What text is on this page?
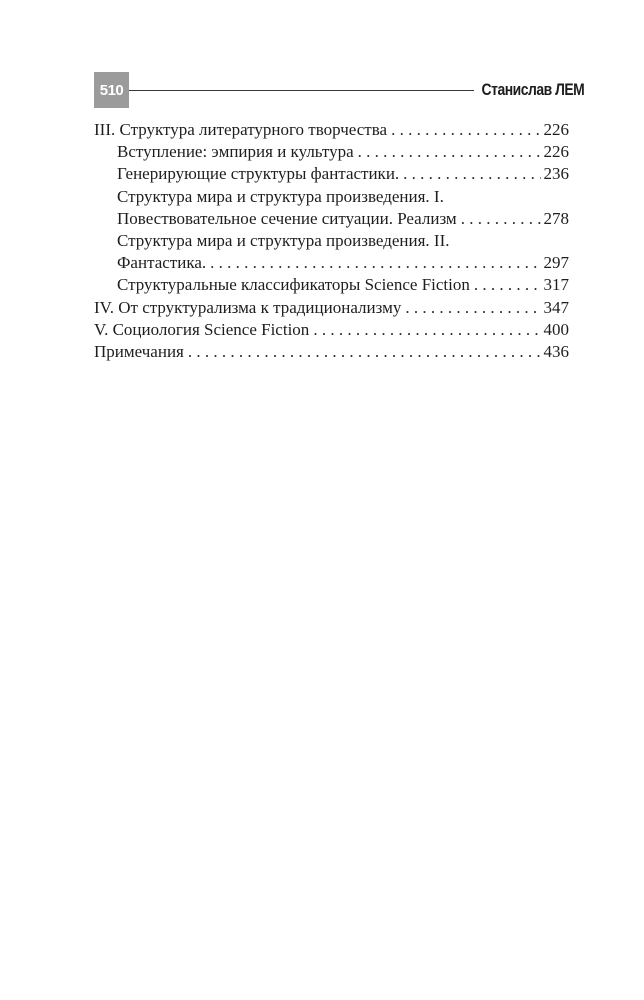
510	Станислав ЛЕМ
III. Структура литературного творчества . . .	226
Вступление: эмпирия и культура . . .	226
Генерирующие структуры фантастики. . . .	236
Структура мира и структура произведения. I.
Повествовательное сечение ситуации. Реализм . . .	278
Структура мира и структура произведения. II.
Фантастика. . . .	297
Структуральные классификаторы Science Fiction . . .	317
IV. От структурализма к традиционализму . . .	347
V. Социология Science Fiction . . .	400
Примечания . . .	436
